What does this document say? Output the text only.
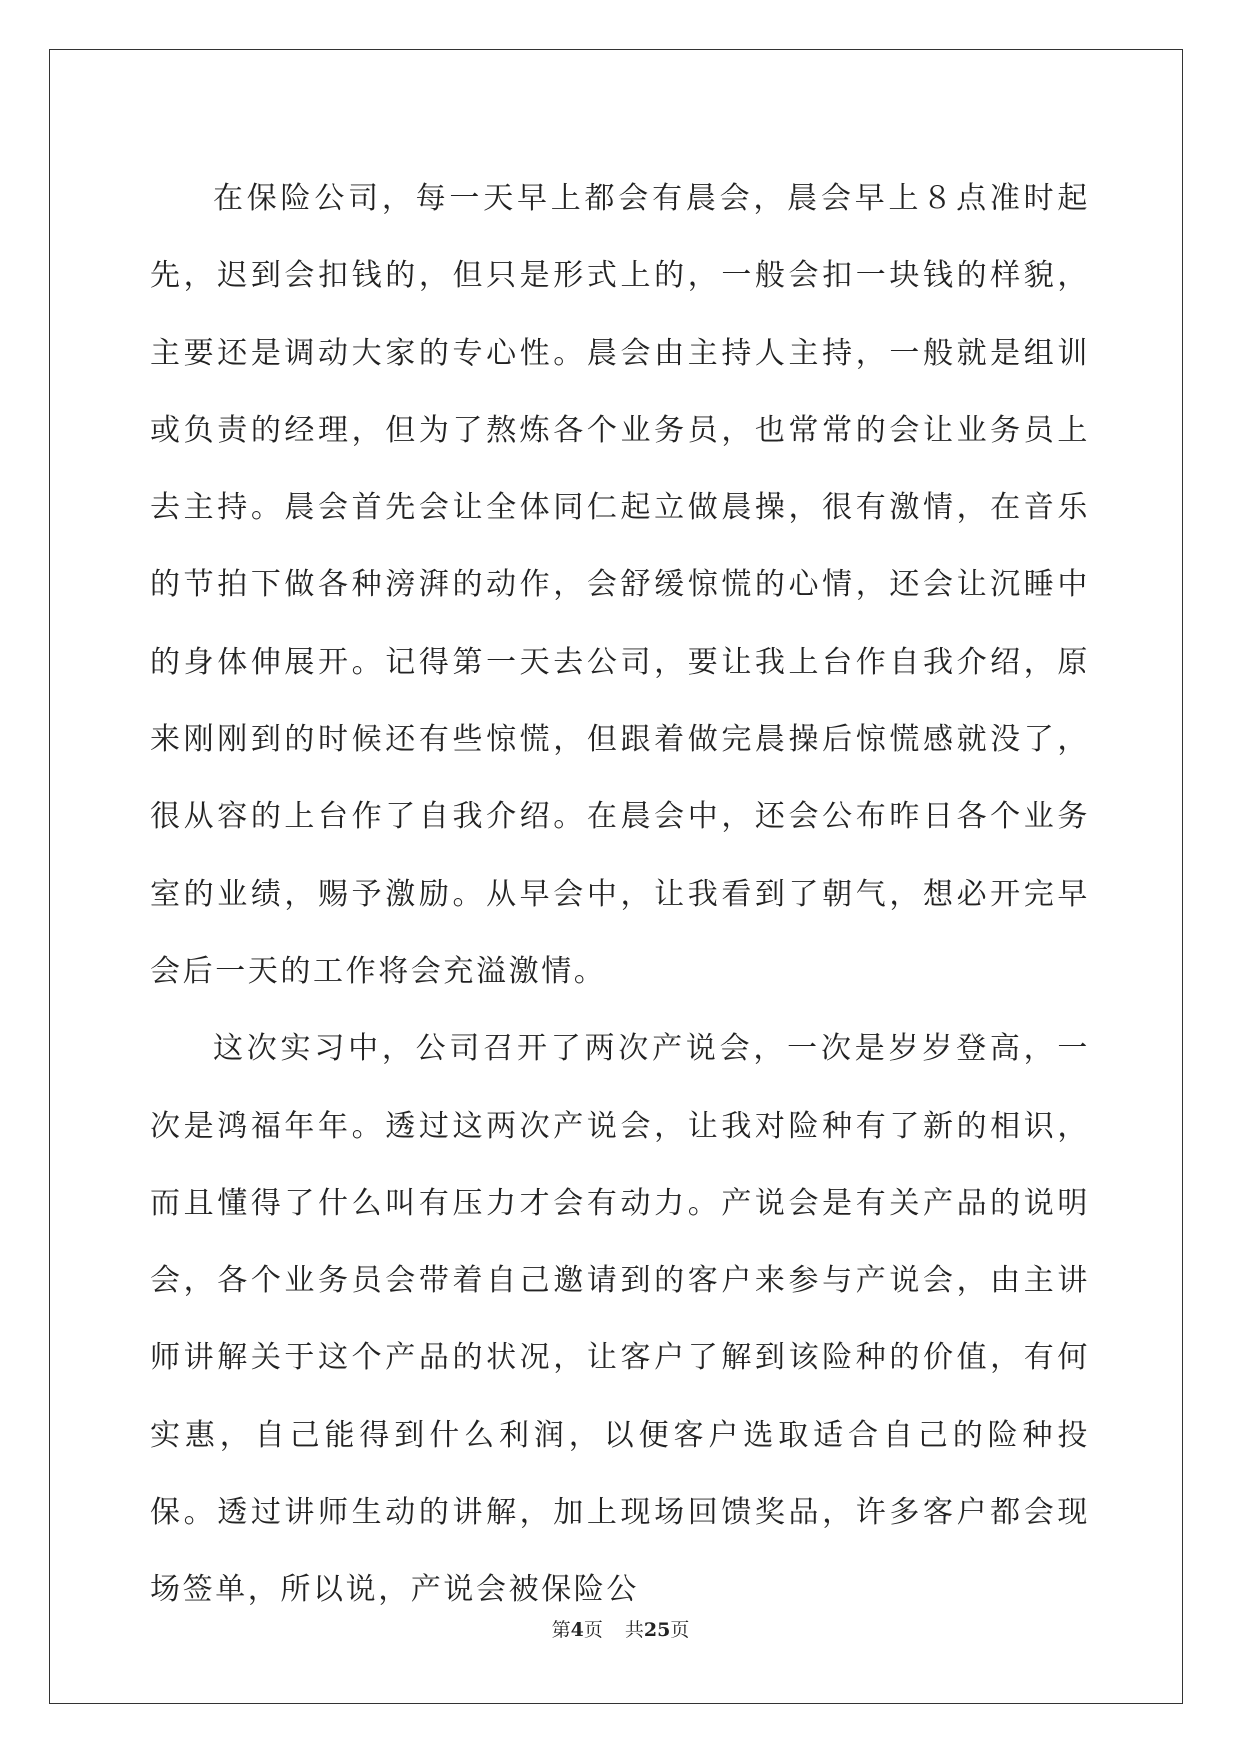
在保险公司，每一天早上都会有晨会，晨会早上８点准时起先，迟到会扣钱的，但只是形式上的，一般会扣一块钱的样貌，主要还是调动大家的专心性。晨会由主持人主持，一般就是组训或负责的经理，但为了熬炼各个业务员，也常常的会让业务员上去主持。晨会首先会让全体同仁起立做晨操，很有激情，在音乐的节拍下做各种滂湃的动作，会舒缓惊慌的心情，还会让沉睡中的身体伸展开。记得第一天去公司，要让我上台作自我介绍，原来刚刚到的时候还有些惊慌，但跟着做完晨操后惊慌感就没了，很从容的上台作了自我介绍。在晨会中，还会公布昨日各个业务室的业绩，赐予激励。从早会中，让我看到了朝气，想必开完早会后一天的工作将会充溢激情。

这次实习中，公司召开了两次产说会，一次是岁岁登高，一次是鸿福年年。透过这两次产说会，让我对险种有了新的相识，而且懂得了什么叫有压力才会有动力。产说会是有关产品的说明会，各个业务员会带着自己邀请到的客户来参与产说会，由主讲师讲解关于这个产品的状况，让客户了解到该险种的价值，有何实惠，自己能得到什么利润，以便客户选取适合自己的险种投保。透过讲师生动的讲解，加上现场回馈奖品，许多客户都会现场签单，所以说，产说会被保险公

第4页 共25页
